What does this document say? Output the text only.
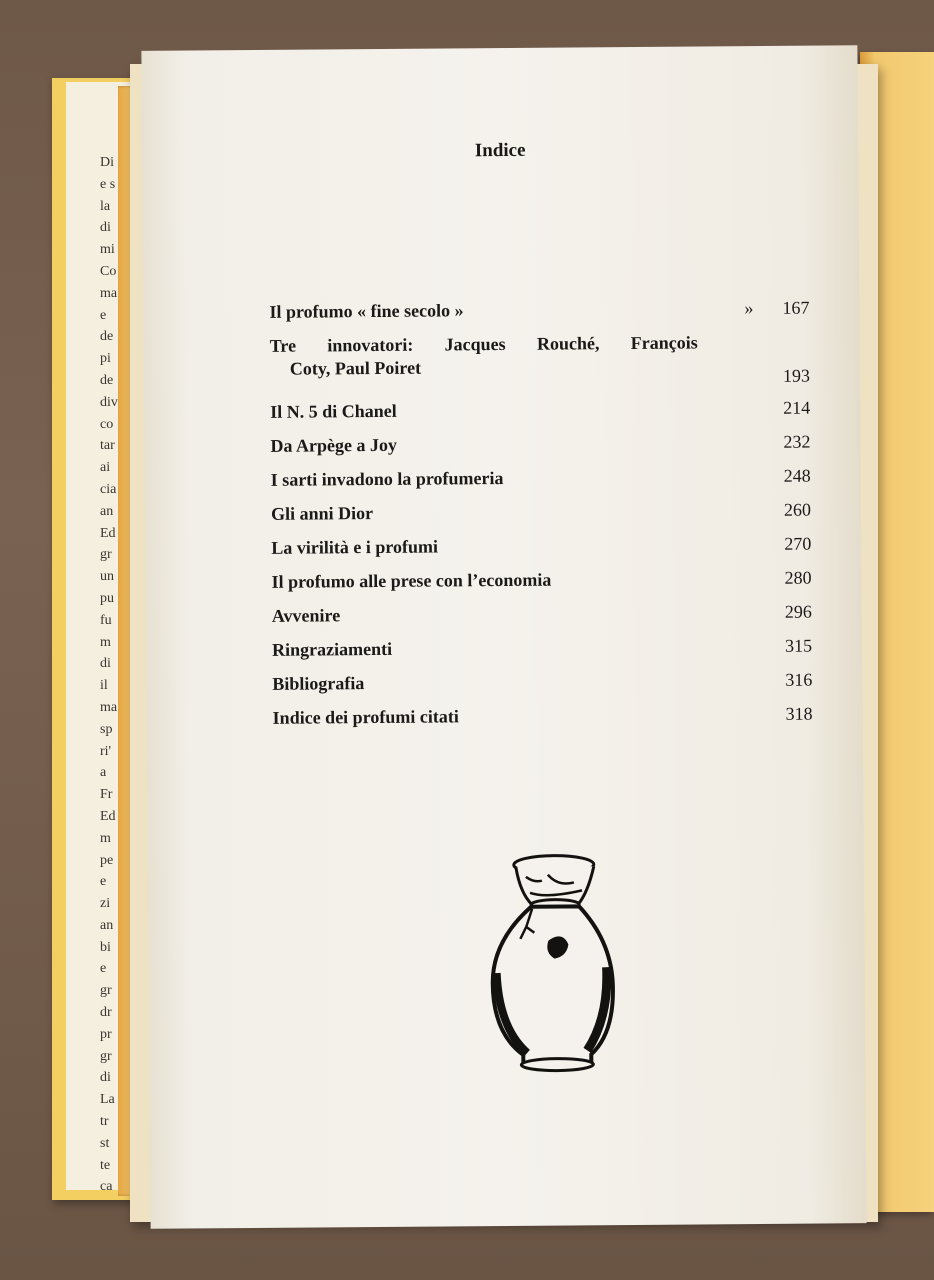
Di
e s
la
di
mi
Co
ma
e
de
pi
de
div
co
tar
ai
cia
an
Ed
gr
un
pu
fu
m
di
il
ma
sp
ri'
a
Fr
Ed
m
pe
e
zi
an
bi
e
gr
dr
pr
gr
di
La
tr
st
te
ca
Indice
Il profumo « fine secolo »	» 167
Tre innovatori: Jacques Rouché, François
Coty, Paul Poiret	193
Il N. 5 di Chanel	214
Da Arpège a Joy	232
I sarti invadono la profumeria	248
Gli anni Dior	260
La virilità e i profumi	270
Il profumo alle prese con l’economia	280
Avvenire	296
Ringraziamenti	315
Bibliografia	316
Indice dei profumi citati	318
